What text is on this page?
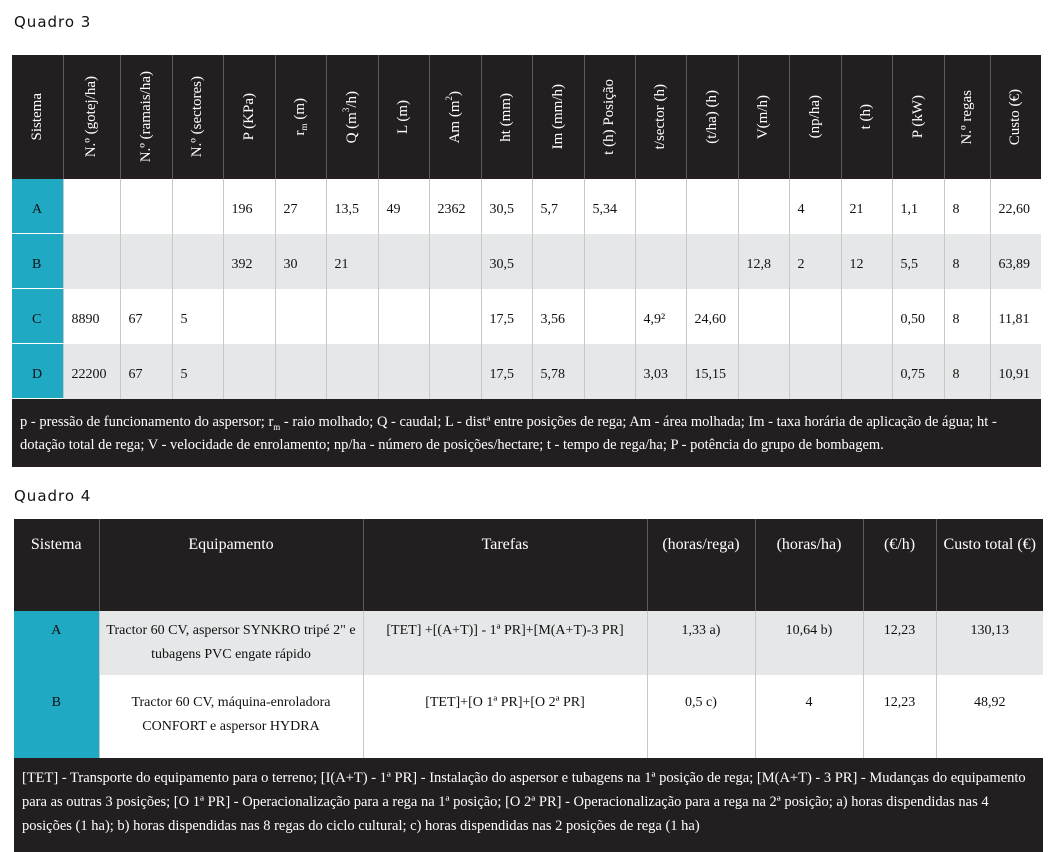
Quadro 3
Sistema	N.º (gotej/ha)	N.º (ramais/ha)	N.º (sectores)	P (KPa)	$r_m$ (m)	Q $(m^3/h)$	L (m)	Am $(m^2)$	ht (mm)	Im (mm/h)	t (h) Posição	t/sector (h)	(t/ha) (h)	V(m/h)	(np/ha)	t (h)	P (kW)	N.º regas	Custo (€)

A				196	27	13,5	49	2362	30,5	5,7	5,34				4	21	1,1	8	22,60
B				392	30	21			30,5					12,8	2	12	5,5	8	63,89
C	8890	67	5						17,5	3,56		4,9²	24,60				0,50	8	11,81
D	22200	67	5						17,5	5,78		3,03	15,15				0,75	8	10,91
p - pressão de funcionamento do aspersor; $r_m$ - raio molhado; Q - caudal; L - distª entre posições de rega; Am - área molhada; Im - taxa horária de aplicação de água; ht - dotação total de rega; V - velocidade de enrolamento; np/ha - número de posições/hectare; t - tempo de rega/ha; P - potência do grupo de bombagem.																			
Quadro 4
Sistema	Equipamento	Tarefas	(horas/rega)	(horas/ha)	(€/h)	Custo total (€)
A	Tractor 60 CV, aspersor SYNKRO tripé 2" e tubagens PVC engate rápido	[TET] +[(A+T)] - 1ª PR]+[M(A+T)-3 PR]	1,33 a)	10,64 b)	12,23	130,13
B	Tractor 60 CV, máquina-enroladora CONFORT e aspersor HYDRA	[TET]+[O 1ª PR]+[O 2ª PR]	0,5 c)	4	12,23	48,92
[TET] - Transporte do equipamento para o terreno; [I(A+T) - 1ª PR] - Instalação do aspersor e tubagens na 1ª posição de rega; [M(A+T) - 3 PR] - Mudanças do equipamento para as outras 3 posições; [O 1ª PR] - Operacionalização para a rega na 1ª posição; [O 2ª PR] - Operacionalização para a rega na 2ª posição; a) horas dispendidas nas 4 posições (1 ha); b) horas dispendidas nas 8 regas do ciclo cultural; c) horas dispendidas nas 2 posições de rega (1 ha)						
